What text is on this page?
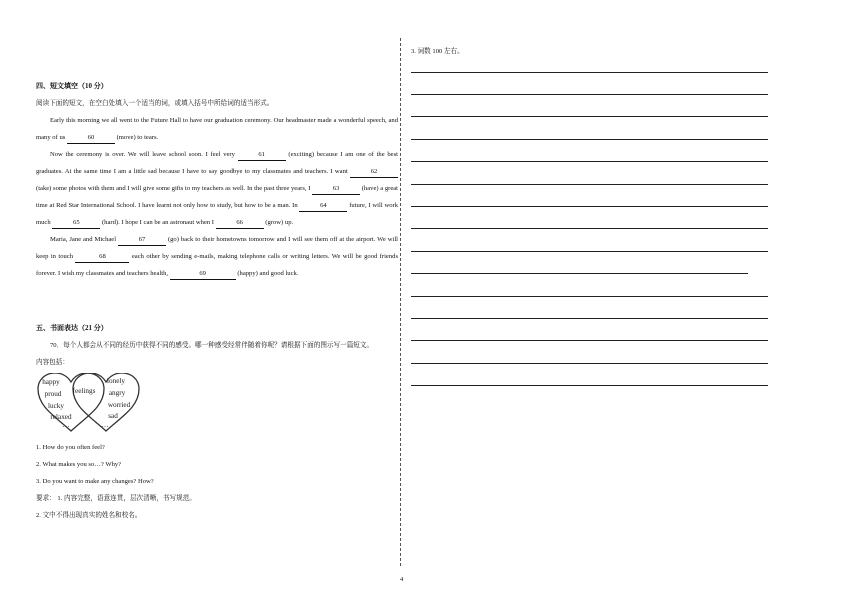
四、短文填空（10 分）
阅读下面的短文，在空白处填入一个适当的词，或填入括号中所给词的适当形式。
Early this morning we all went to the Future Hall to have our graduation ceremony. Our headmaster made a wonderful speech, and many of us	60	(move) to tears.
Now the ceremony is over. We will leave school soon. I feel very	61	(exciting) because I am one of the best graduates. At the same time I am a little sad because I have to say goodbye to my classmates and teachers. I want	62 (take) some photos with them and I will give some gifts to my teachers as well. In the past three years, I	63	(have) a great time at Red Star International School. I have learnt not only how to study, but how to be a man. In	64	future, I will work much	65	(hard). I hope I can be an astronaut when I	66	(grow) up.
Maria, Jane and Michael	67	(go) back to their hometowns tomorrow and I will see them off at the airport. We will keep in touch	68	each other by sending e-mails, making telephone calls or writing letters. We will be good friends forever. I wish my classmates and teachers health,	69	(happy) and good luck.
五、书面表达（21 分）
70．每个人都会从不同的经历中获得不同的感受。哪一种感受经常伴随着你呢？请根据下面的图示写一篇短文。
内容包括：
happy
proud
lucky
relaxed
…
feelings
lonely
angry
worried
sad
…
1. How do you often feel?
2. What makes you so…? Why?
3. Do you want to make any changes? How?
要求： 1. 内容完整，语意连贯，层次清晰，书写规范。
2. 文中不得出现真实的姓名和校名。
3. 词数 100 左右。
4
